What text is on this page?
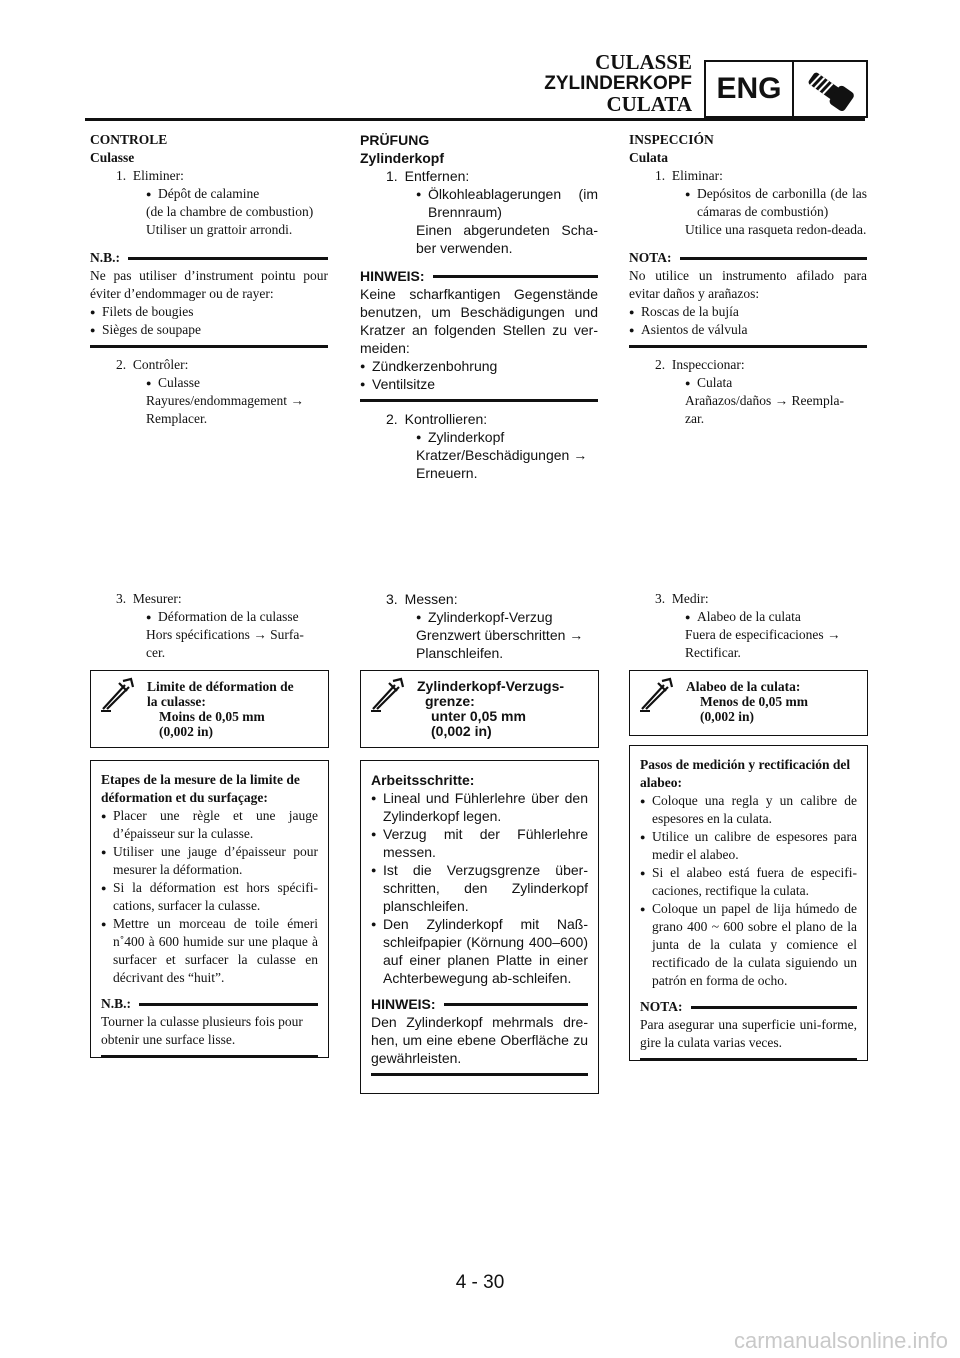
CULASSE
ZYLINDERKOPF
CULATA ENG

CONTROLE

Culasse

1. Eliminer:

● Dépôt de calamine

(de la chambre de combustion)

Utiliser un grattoir arrondi.

N.B.:

Ne pas utiliser d’instrument pointu pour éviter d’endommager ou de rayer:

● Filets de bougies

● Sièges de soupape

2. Contrôler:

● Culasse

Rayures/endommagement →

Remplacer.

3. Mesurer:

● Déformation de la culasse

Hors spécifications → Surfa-

cer.

Limite de déformation de
la culasse:
Moins de 0,05 mm
(0,002 in)

Etapes de la mesure de la limite de déformation et du surfaçage:

● Placer une règle et une jauge d’épaisseur sur la culasse.

● Utiliser une jauge d’épaisseur pour mesurer la déformation.

● Si la déformation est hors spécifi-cations, surfacer la culasse.

● Mettre un morceau de toile émeri n˚400 à 600 humide sur une plaque à surfacer et surfacer la culasse en décrivant des “huit”.

N.B.:

Tourner la culasse plusieurs fois pour obtenir une surface lisse.

PRÜFUNG

Zylinderkopf

1. Entfernen:

● Ölkohleablagerungen (im Brennraum)

Einen abgerundeten Scha-ber verwenden.

HINWEIS:

Keine scharfkantigen Gegenstände benutzen, um Beschädigungen und Kratzer an folgenden Stellen zu ver-meiden:

● Zündkerzenbohrung

● Ventilsitze

2. Kontrollieren:

● Zylinderkopf

Kratzer/Beschädigungen →

Erneuern.

3. Messen:

● Zylinderkopf-Verzug

Grenzwert überschritten →

Planschleifen.

Zylinderkopf-Verzugs-
grenze:
unter 0,05 mm
(0,002 in)

Arbeitsschritte:

● Lineal und Fühlerlehre über den Zylinderkopf legen.

● Verzug mit der Fühlerlehre messen.

● Ist die Verzugsgrenze über-schritten, den Zylinderkopf planschleifen.

● Den Zylinderkopf mit Naß-schleifpapier (Körnung 400–600) auf einer planen Platte in einer Achterbewegung ab-schleifen.

HINWEIS:

Den Zylinderkopf mehrmals dre-hen, um eine ebene Oberfläche zu gewährleisten.

INSPECCIÓN

Culata

1. Eliminar:

● Depósitos de carbonilla (de las cámaras de combustión)

Utilice una rasqueta redon-deada.

NOTA:

No utilice un instrumento afilado para evitar daños y arañazos:

● Roscas de la bujía

● Asientos de válvula

2. Inspeccionar:

● Culata

Arañazos/daños → Reempla-

zar.

3. Medir:

● Alabeo de la culata

Fuera de especificaciones →

Rectificar.

Alabeo de la culata:
Menos de 0,05 mm
(0,002 in)

Pasos de medición y rectificación del alabeo:

● Coloque una regla y un calibre de espesores en la culata.

● Utilice un calibre de espesores para medir el alabeo.

● Si el alabeo está fuera de especifi-caciones, rectifique la culata.

● Coloque un papel de lija húmedo de grano 400 ~ 600 sobre el plano de la junta de la culata y comience el rectificado de la culata siguiendo un patrón en forma de ocho.

NOTA:

Para asegurar una superficie uni-forme, gire la culata varias veces.

4 - 30
carmanualsonline.info
